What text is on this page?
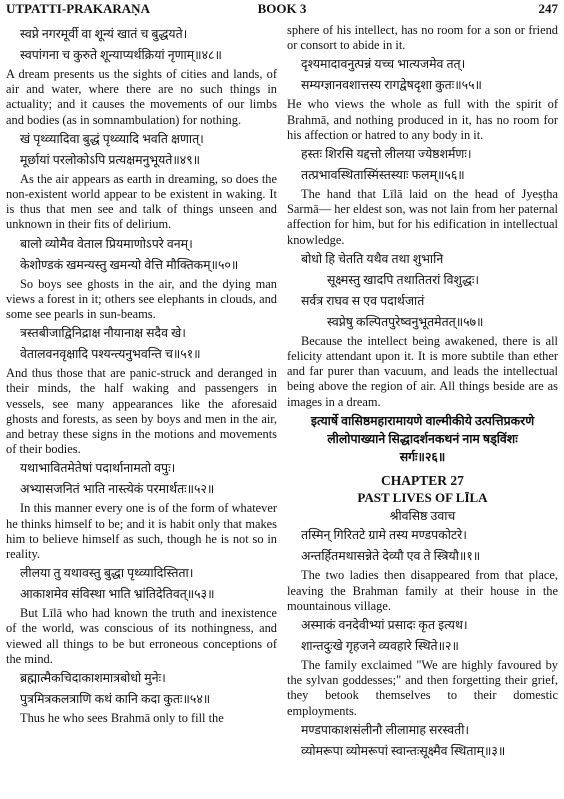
UTPATTI-PRAKARAṆA	BOOK 3	247
स्वप्ने नगरमूर्वी वा शून्यं खातं च बुद्धयते।
स्वपांगना च कुरुते शून्याप्यर्थक्रियां नृणाम्॥४८॥

A dream presents us the sights of cities and lands, of air and water, where there are no such things in actuality; and it causes the movements of our limbs and bodies (as in somnambulation) for nothing.

खं पृथ्व्यादिवा बुद्धं पृथ्व्यादि भवति क्षणात्।
मूर्छायां परलोकोऽपि प्रत्यक्षमनुभूयते॥४९॥

As the air appears as earth in dreaming, so does the non-existent world appear to be existent in waking. It is thus that men see and talk of things unseen and unknown in their fits of delirium.

बालो व्योमैव वेताल प्रियमाणोऽपरे वनम्।
केशोण्डकं खमन्यस्तु खमन्यो वेत्ति मौक्तिकम्॥५०॥

So boys see ghosts in the air, and the dying man views a forest in it; others see elephants in clouds, and some see pearls in sun-beams.

त्रस्तबीजाद्विनिद्राक्ष नौयानाक्ष सदैव खे।
वेतालवनवृक्षादि पश्यन्त्यनुभवन्ति च॥५१॥

And thus those that are panic-struck and deranged in their minds, the half waking and passengers in vessels, see many appearances like the aforesaid ghosts and forests, as seen by boys and men in the air, and betray these signs in the motions and movements of their bodies.

यथाभावितमेतेषां पदार्थानामतो वपुः।
अभ्यासजनितं भाति नास्त्येकं परमार्थतः॥५२॥

In this manner every one is of the form of whatever he thinks himself to be; and it is habit only that makes him to believe himself as such, though he is not so in reality.

लीलया तु यथावस्तु बुद्धा पृथ्व्यादिस्तिता।
आकाशमेव संविस्था भाति भ्रांतिदेतिवत्॥५३॥

But Līlā who had known the truth and inexistence of the world, was conscious of its nothingness, and viewed all things to be but erroneous conceptions of the mind.

ब्रह्मात्मैकचिदाकाशमात्रबोधो मुनेः।
पुत्रमित्रकलत्राणि कथं कानि कदा कुतः॥५४॥

Thus he who sees Brahmā only to fill the

sphere of his intellect, has no room for a son or friend or consort to abide in it.

दृश्यमादावनुत्पन्नं यच्च भात्यजमेव तत्।
सम्यग्ज्ञानवशात्तस्य रागद्वेषदृशा कुतः॥५५॥

He who views the whole as full with the spirit of Brahmā, and nothing produced in it, has no room for his affection or hatred to any body in it.

हस्तः शिरसि यद्दत्तो लीलया ज्येष्ठशर्मणः।
तत्प्रभावस्थितास्मिंस्तस्याः फलम्॥५६॥

The hand that Līlā laid on the head of Jyeṣṭha Sarmā— her eldest son, was not lain from her paternal affection for him, but for his edification in intellectual knowledge.

बोधो हि चेतति यथैव तथा शुभानि
सूक्ष्मस्तु खादपि तथातितरां विशुद्धः।
सर्वत्र राघव स एव पदार्थजातं
स्वप्नेषु कल्पितपुरेष्वनुभूतमेतत्॥५७॥

Because the intellect being awakened, there is all felicity attendant upon it. It is more subtile than ether and far purer than vacuum, and leads the intellectual being above the region of air. All things beside are as images in a dream.

इत्यार्षे वासिष्ठमहारामायणे वाल्मीकीये उत्पत्तिप्रकरणे
लीलोपाख्याने सिद्धादर्शनकथनं नाम षड्विंशः
सर्गः॥२६॥
CHAPTER 27
PAST LIVES OF LĪLA
श्रीवसिष्ठ उवाच
तस्मिन् गिरितटे ग्रामे तस्य मण्डपकोटरे।
अन्तर्हितमथासन्नेते देव्यौ एव ते स्त्रियौ॥१॥

The two ladies then disappeared from that place, leaving the Brahman family at their house in the mountainous village.

अस्माकं वनदेवीभ्यां प्रसादः कृत इत्यथ।
शान्तदुःखे गृहजने व्यवहारे स्थिते॥२॥

The family exclaimed "We are highly favoured by the sylvan goddesses;" and then forgetting their grief, they betook themselves to their domestic employments.

मण्डपाकाशसंलीनौ लीलामाह सरस्वती।
व्योमरूपा व्योमरूपां स्वान्तःसूक्ष्मैव स्थिताम्॥३॥
